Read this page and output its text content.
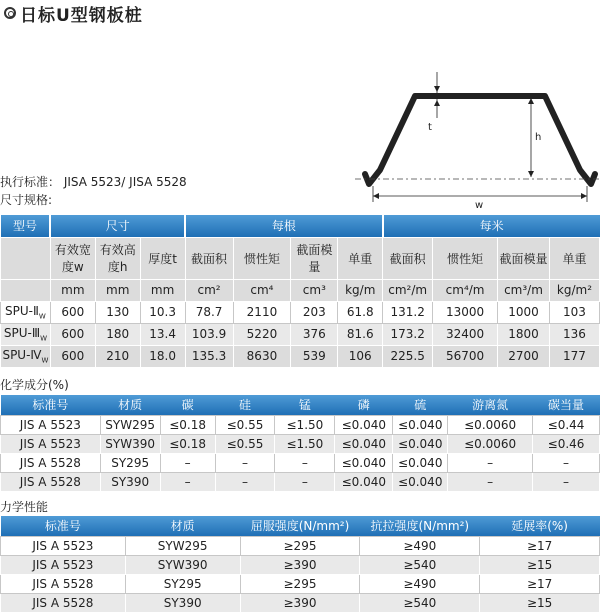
日标U型钢板桩
执行标准： JISA 5523/ JISA 5528
尺寸规格:
t
h
w
型号	尺寸			每根				每米			
	有效宽度w	有效高度h	厚度t	截面积	惯性矩	截面模量	单重	截面积	惯性矩	截面模量	单重
	mm	mm	mm	cm²	cm⁴	cm³	kg/m	cm²/m	cm⁴/m	cm³/m	kg/m²
SPU-$Ⅱ_W$	600	130	10.3	78.7	2110	203	61.8	131.2	13000	1000	103
SPU-$Ⅲ_W$	600	180	13.4	103.9	5220	376	81.6	173.2	32400	1800	136
SPU-$Ⅳ_W$	600	210	18.0	135.3	8630	539	106	225.5	56700	2700	177
化学成分(%)
标准号	材质	碳	硅	锰	磷	硫	游离氮	碳当量
JIS A 5523	SYW295	≤0.18	≤0.55	≤1.50	≤0.040	≤0.040	≤0.0060	≤0.44
JIS A 5523	SYW390	≤0.18	≤0.55	≤1.50	≤0.040	≤0.040	≤0.0060	≤0.46
JIS A 5528	SY295	–	–	–	≤0.040	≤0.040	–	–
JIS A 5528	SY390	–	–	–	≤0.040	≤0.040	–	–
力学性能
标准号	材质	屈服强度(N/mm²)	抗拉强度(N/mm²)	延展率(%)
JIS A 5523	SYW295	≥295	≥490	≥17
JIS A 5523	SYW390	≥390	≥540	≥15
JIS A 5528	SY295	≥295	≥490	≥17
JIS A 5528	SY390	≥390	≥540	≥15
